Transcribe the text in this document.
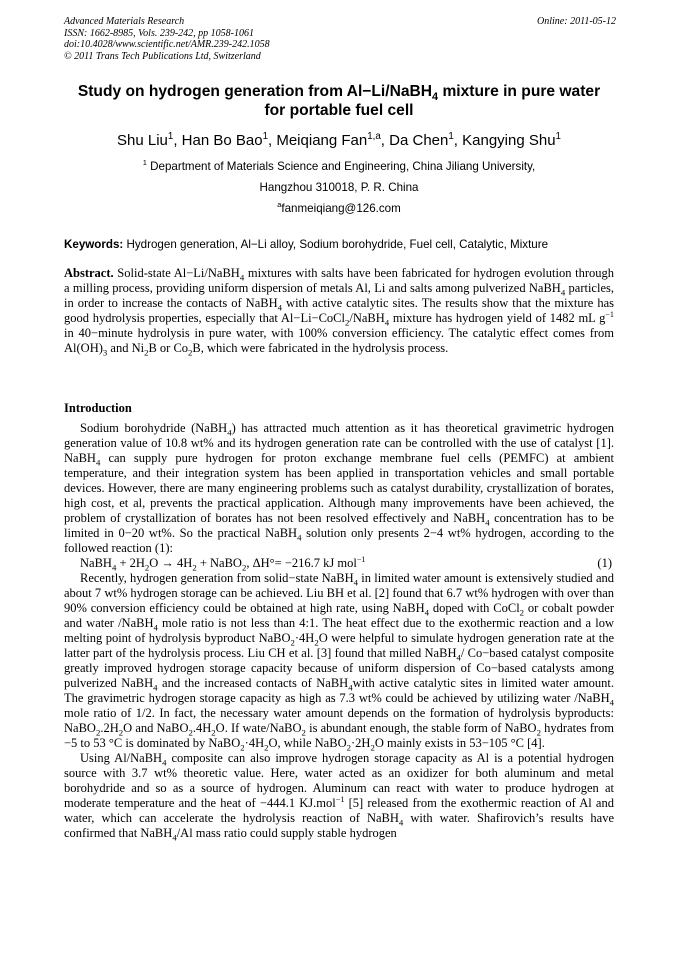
Advanced Materials Research
ISSN: 1662-8985, Vols. 239-242, pp 1058-1061
doi:10.4028/www.scientific.net/AMR.239-242.1058
© 2011 Trans Tech Publications Ltd, Switzerland
Online: 2011-05-12
Study on hydrogen generation from Al−Li/NaBH$_4$ mixture in pure water
for portable fuel cell
Shu Liu$^1$, Han Bo Bao$^1$, Meiqiang Fan$^{1,a}$, Da Chen$^1$, Kangying Shu$^1$
$^1$ Department of Materials Science and Engineering, China Jiliang University,
Hangzhou 310018, P. R. China
$^a$fanmeiqiang@126.com
Keywords: Hydrogen generation, Al−Li alloy, Sodium borohydride, Fuel cell, Catalytic, Mixture

Abstract. Solid-state Al−Li/NaBH$_4$ mixtures with salts have been fabricated for hydrogen evolution through a milling process, providing uniform dispersion of metals Al, Li and salts among pulverized NaBH$_4$ particles, in order to increase the contacts of NaBH$_4$ with active catalytic sites. The results show that the mixture has good hydrolysis properties, especially that Al−Li−CoCl$_2$/NaBH$_4$ mixture has hydrogen yield of 1482 mL $g^{-1}$ in 40−minute hydrolysis in pure water, with 100% conversion efficiency. The catalytic effect comes from $Al(OH)_3$ and $Ni_2B$ or $Co_2B$, which were fabricated in the hydrolysis process.

Introduction

Sodium borohydride (NaBH$_4$) has attracted much attention as it has theoretical gravimetric hydrogen generation value of 10.8 wt% and its hydrogen generation rate can be controlled with the use of catalyst [1]. NaBH$_4$ can supply pure hydrogen for proton exchange membrane fuel cells (PEMFC) at ambient temperature, and their integration system has been applied in transportation vehicles and small portable devices. However, there are many engineering problems such as catalyst durability, crystallization of borates, high cost, et al, prevents the practical application. Although many improvements have been achieved, the problem of crystallization of borates has not been resolved effectively and NaBH$_4$ concentration has to be limited in 0−20 wt%. So the practical NaBH$_4$ solution only presents 2−4 wt% hydrogen, according to the followed reaction (1):

NaBH$_4$ + $2H_2O \to 4H_2$ + NaBO$_2$, ΔH°= −216.7 kJ mol$^{-1}$	(1)

Recently, hydrogen generation from solid−state NaBH$_4$ in limited water amount is extensively studied and about 7 wt% hydrogen storage can be achieved. Liu BH et al. [2] found that 6.7 wt% hydrogen with over than 90% conversion efficiency could be obtained at high rate, using NaBH$_4$ doped with CoCl$_2$ or cobalt powder and water /NaBH$_4$ mole ratio is not less than 4:1. The heat effect due to the exothermic reaction and a low melting point of hydrolysis byproduct $NaBO_2\cdot 4H_2O$ were helpful to simulate hydrogen generation rate at the latter part of the hydrolysis process. Liu CH et al. [3] found that milled NaBH$_4$/ Co−based catalyst composite greatly improved hydrogen storage capacity because of uniform dispersion of Co−based catalysts among pulverized NaBH$_4$ and the increased contacts of NaBH$_4$with active catalytic sites in limited water amount. The gravimetric hydrogen storage capacity as high as 7.3 wt% could be achieved by utilizing water /NaBH$_4$ mole ratio of 1/2. In fact, the necessary water amount depends on the formation of hydrolysis byproducts: $NaBO_2.2H_2O$ and $NaBO_2.4H_2O$. If wate/NaBO$_2$ is abundant enough, the stable form of NaBO$_2$ hydrates from −5 to 53 °C is dominated by $NaBO_2\cdot 4H_2O$, while $NaBO_2\cdot 2H_2O$ mainly exists in 53−105 °C [4].

Using Al/NaBH$_4$ composite can also improve hydrogen storage capacity as Al is a potential hydrogen source with 3.7 wt% theoretic value. Here, water acted as an oxidizer for both aluminum and metal borohydride and so as a source of hydrogen. Aluminum can react with water to produce hydrogen at moderate temperature and the heat of −444.1 KJ.mol$^{-1}$ [5] released from the exothermic reaction of Al and water, which can accelerate the hydrolysis reaction of NaBH$_4$ with water. Shafirovich’s results have confirmed that NaBH$_4$/Al mass ratio could supply stable hydrogen
